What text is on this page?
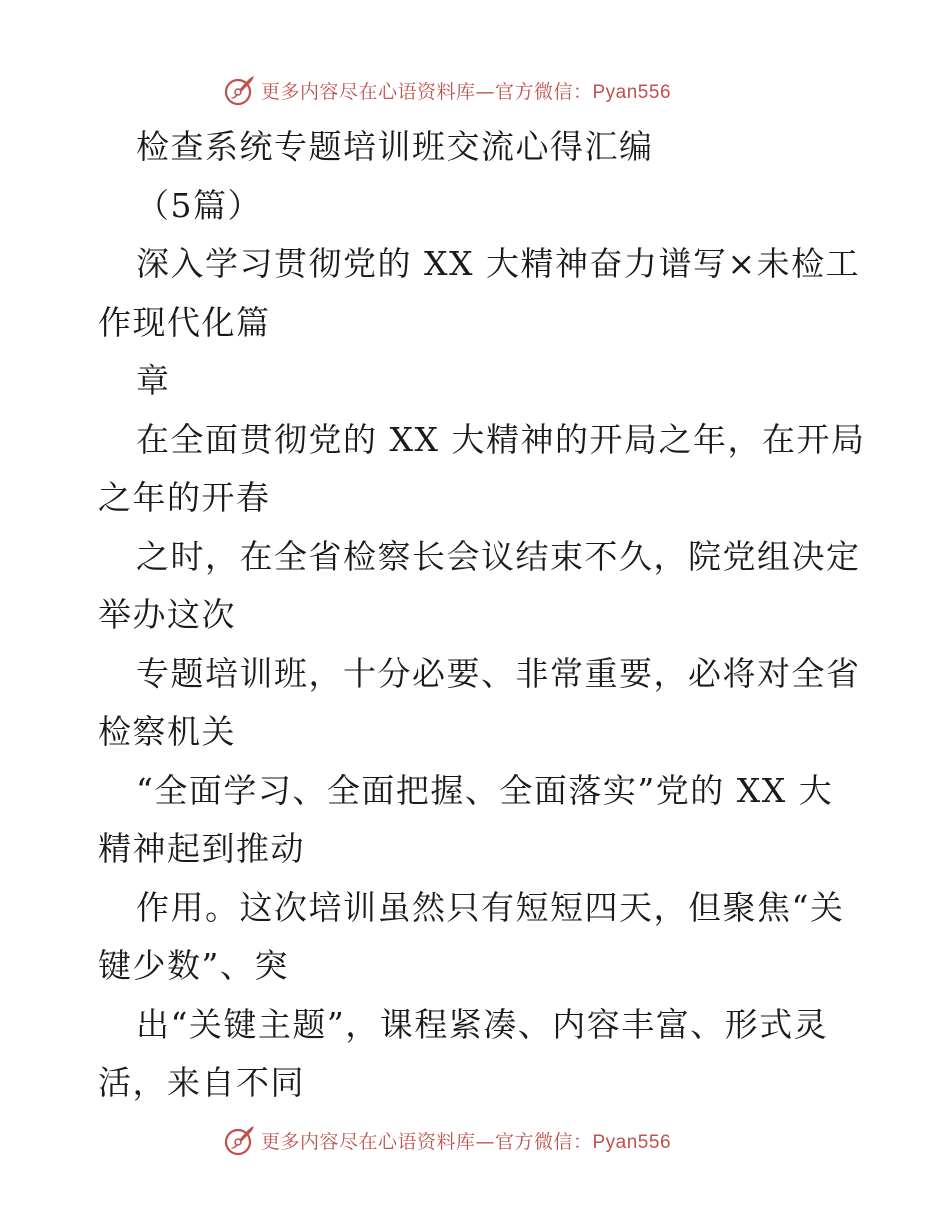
更多内容尽在心语资料库—官方微信：Pyan556
检查系统专题培训班交流心得汇编
（5篇）
深入学习贯彻党的 XX 大精神奋力谱写×未检工
作现代化篇
章
在全面贯彻党的 XX 大精神的开局之年，在开局
之年的开春
之时，在全省检察长会议结束不久，院党组决定
举办这次
专题培训班，十分必要、非常重要，必将对全省
检察机关
“全面学习、全面把握、全面落实”党的 XX 大
精神起到推动
作用。这次培训虽然只有短短四天，但聚焦“关
键少数”、突
出“关键主题”，课程紧凑、内容丰富、形式灵
活，来自不同
更多内容尽在心语资料库—官方微信：Pyan556
